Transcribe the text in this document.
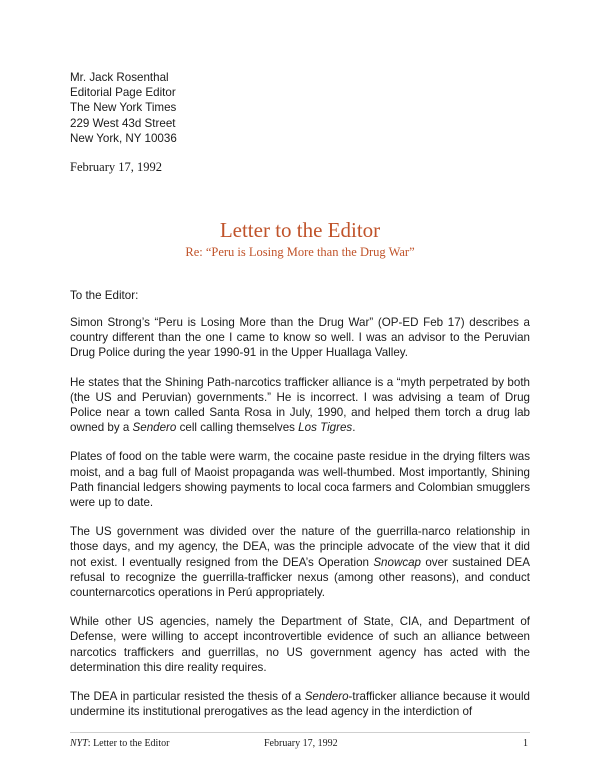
Mr. Jack Rosenthal
Editorial Page Editor
The New York Times
229 West 43d Street
New York, NY 10036
February 17, 1992
Letter to the Editor
Re: “Peru is Losing More than the Drug War”
To the Editor:

Simon Strong’s “Peru is Losing More than the Drug War” (OP-ED Feb 17) describes a country different than the one I came to know so well. I was an advisor to the Peruvian Drug Police during the year 1990-91 in the Upper Huallaga Valley.

He states that the Shining Path-narcotics trafficker alliance is a “myth perpetrated by both (the US and Peruvian) governments.” He is incorrect. I was advising a team of Drug Police near a town called Santa Rosa in July, 1990, and helped them torch a drug lab owned by a Sendero cell calling themselves Los Tigres.

Plates of food on the table were warm, the cocaine paste residue in the drying filters was moist, and a bag full of Maoist propaganda was well-thumbed. Most importantly, Shining Path financial ledgers showing payments to local coca farmers and Colombian smugglers were up to date.

The US government was divided over the nature of the guerrilla-narco relationship in those days, and my agency, the DEA, was the principle advocate of the view that it did not exist. I eventually resigned from the DEA’s Operation Snowcap over sustained DEA refusal to recognize the guerrilla-trafficker nexus (among other reasons), and conduct counternarcotics operations in Perú appropriately.

While other US agencies, namely the Department of State, CIA, and Department of Defense, were willing to accept incontrovertible evidence of such an alliance between narcotics traffickers and guerrillas, no US government agency has acted with the determination this dire reality requires.

The DEA in particular resisted the thesis of a Sendero-trafficker alliance because it would undermine its institutional prerogatives as the lead agency in the interdiction of

NYT: Letter to the Editor	February 17, 1992	1
